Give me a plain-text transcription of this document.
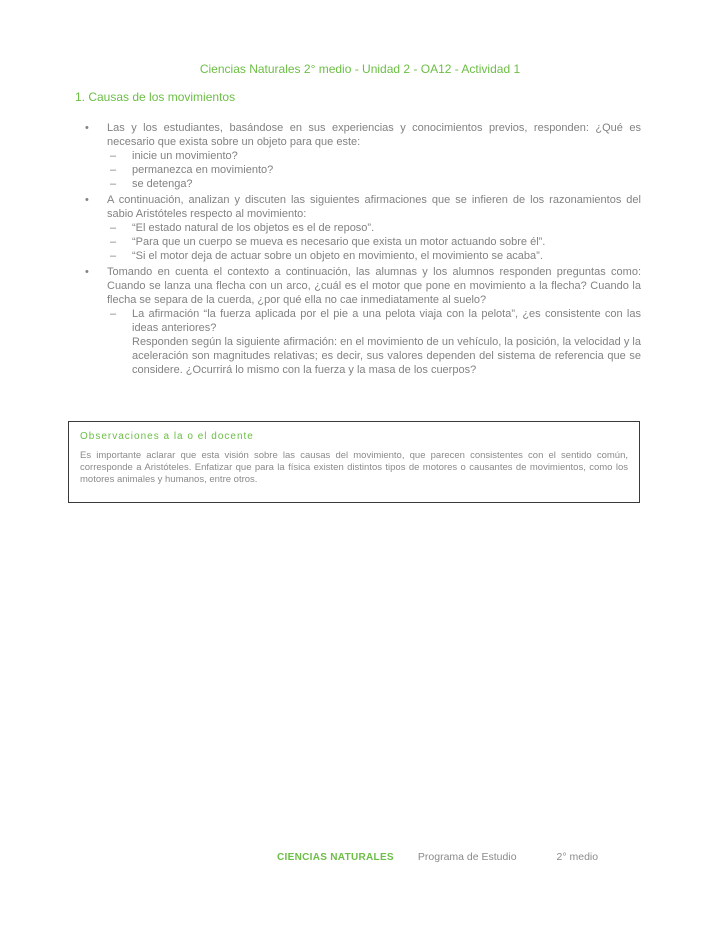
Ciencias Naturales 2° medio - Unidad 2 - OA12 - Actividad 1
1. Causas de los movimientos
•	Las y los estudiantes, basándose en sus experiencias y conocimientos previos, responden: ¿Qué es necesario que exista sobre un objeto para que este:
–	inicie un movimiento?
–	permanezca en movimiento?
–	se detenga?
•	A continuación, analizan y discuten las siguientes afirmaciones que se infieren de los razonamientos del sabio Aristóteles respecto al movimiento:
–	“El estado natural de los objetos es el de reposo”.
–	“Para que un cuerpo se mueva es necesario que exista un motor actuando sobre él”.
–	“Si el motor deja de actuar sobre un objeto en movimiento, el movimiento se acaba”.
•	Tomando en cuenta el contexto a continuación, las alumnas y los alumnos responden preguntas como: Cuando se lanza una flecha con un arco, ¿cuál es el motor que pone en movimiento a la flecha? Cuando la flecha se separa de la cuerda, ¿por qué ella no cae inmediatamente al suelo?
–	La afirmación “la fuerza aplicada por el pie a una pelota viaja con la pelota”, ¿es consistente con las ideas anteriores?
Responden según la siguiente afirmación: en el movimiento de un vehículo, la posición, la velocidad y la aceleración son magnitudes relativas; es decir, sus valores dependen del sistema de referencia que se considere. ¿Ocurrirá lo mismo con la fuerza y la masa de los cuerpos?
Observaciones a la o el docente
Es importante aclarar que esta visión sobre las causas del movimiento, que parecen consistentes con el sentido común, corresponde a Aristóteles. Enfatizar que para la física existen distintos tipos de motores o causantes de movimientos, como los motores animales y humanos, entre otros.
CIENCIAS NATURALES Programa de Estudio	2° medio
